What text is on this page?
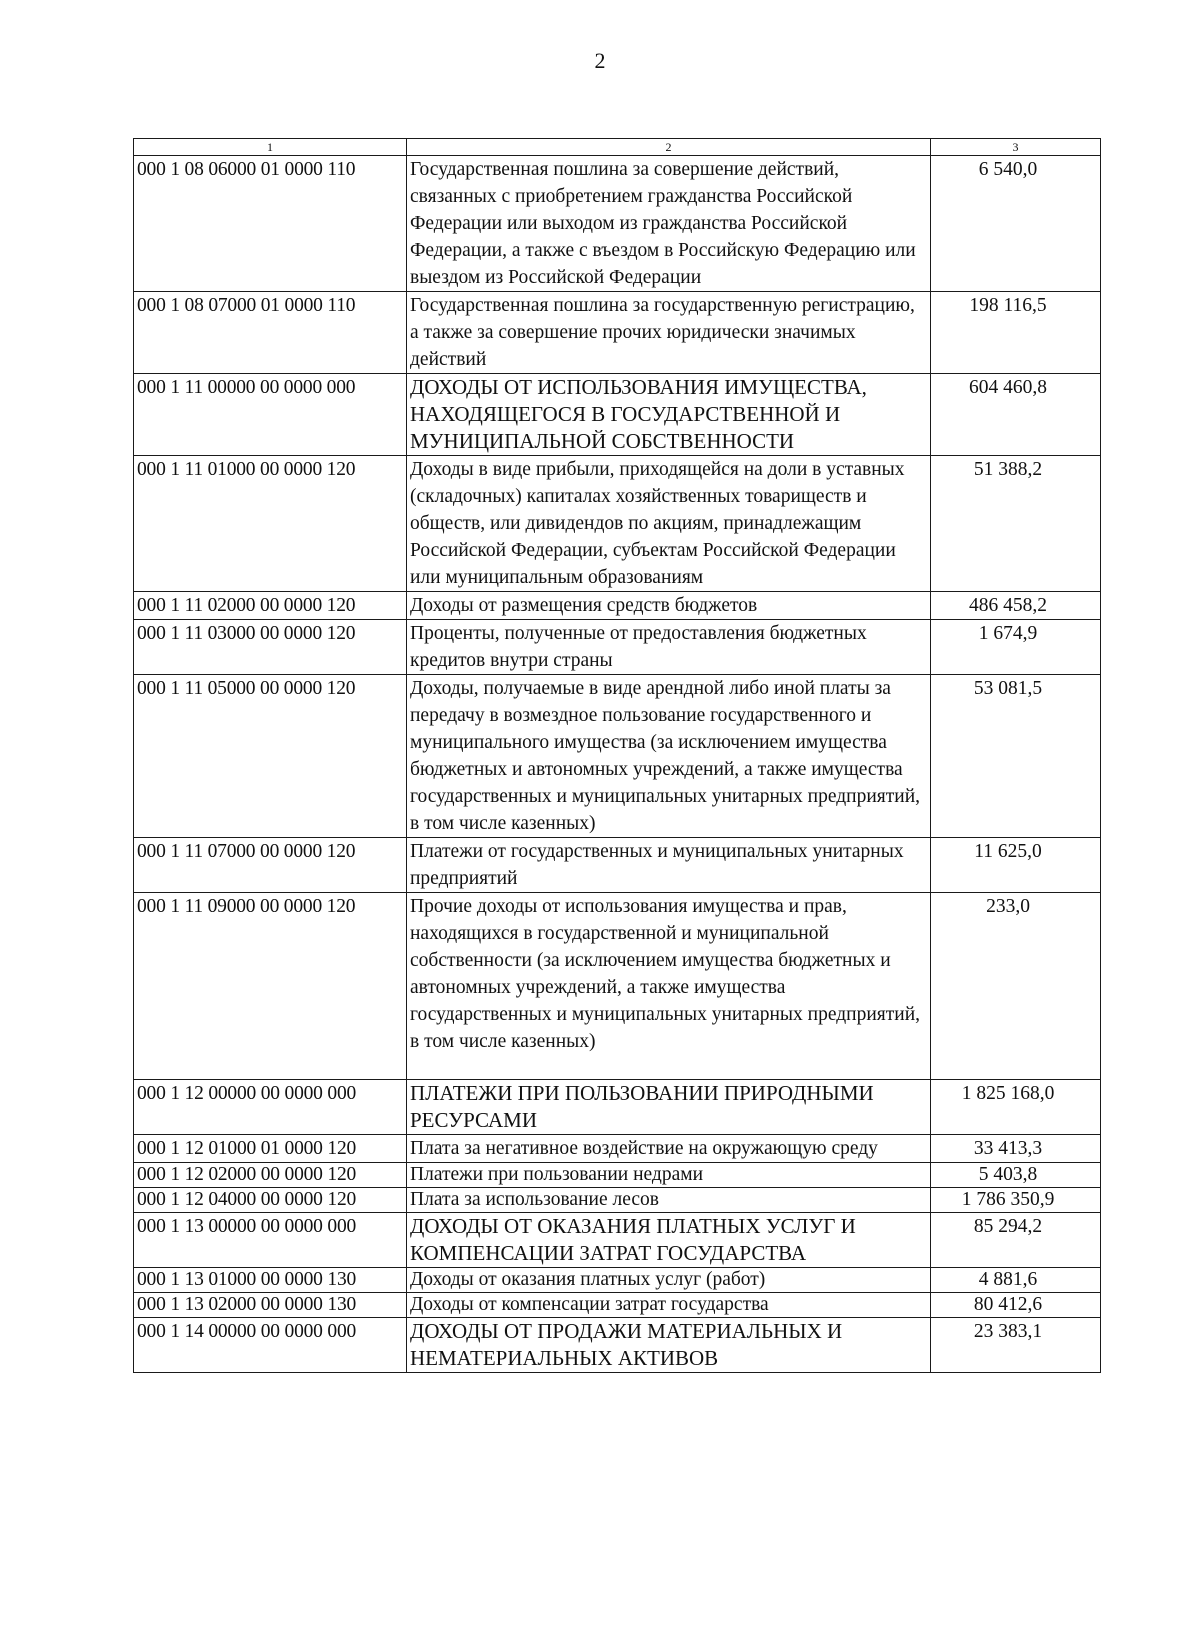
2
1	2	3
000 1 08 06000 01 0000 110	Государственная пошлина за совершение действий, связанных с приобретением гражданства Российской Федерации или выходом из гражданства Российской Федерации, а также с въездом в Российскую Федерацию или выездом из Российской Федерации	6 540,0
000 1 08 07000 01 0000 110	Государственная пошлина за государственную регистрацию, а также за совершение прочих юридически значимых действий	198 116,5
000 1 11 00000 00 0000 000	ДОХОДЫ ОТ ИСПОЛЬЗОВАНИЯ ИМУЩЕСТВА, НАХОДЯЩЕГОСЯ В ГОСУДАРСТВЕННОЙ И МУНИЦИПАЛЬНОЙ СОБСТВЕННОСТИ	604 460,8
000 1 11 01000 00 0000 120	Доходы в виде прибыли, приходящейся на доли в уставных (складочных) капиталах хозяйственных товариществ и обществ, или дивидендов по акциям, принадлежащим Российской Федерации, субъектам Российской Федерации или муниципальным образованиям	51 388,2
000 1 11 02000 00 0000 120	Доходы от размещения средств бюджетов	486 458,2
000 1 11 03000 00 0000 120	Проценты, полученные от предоставления бюджетных кредитов внутри страны	1 674,9
000 1 11 05000 00 0000 120	Доходы, получаемые в виде арендной либо иной платы за передачу в возмездное пользование государственного и муниципального имущества (за исключением имущества бюджетных и автономных учреждений, а также имущества государственных и муниципальных унитарных предприятий, в том числе казенных)	53 081,5
000 1 11 07000 00 0000 120	Платежи от государственных и муниципальных унитарных предприятий	11 625,0
000 1 11 09000 00 0000 120	Прочие доходы от использования имущества и прав, находящихся в государственной и муниципальной собственности (за исключением имущества бюджетных и автономных учреждений, а также имущества государственных и муниципальных унитарных предприятий, в том числе казенных)	233,0
000 1 12 00000 00 0000 000	ПЛАТЕЖИ ПРИ ПОЛЬЗОВАНИИ ПРИРОДНЫМИ РЕСУРСАМИ	1 825 168,0
000 1 12 01000 01 0000 120	Плата за негативное воздействие на окружающую среду	33 413,3
000 1 12 02000 00 0000 120	Платежи при пользовании недрами	5 403,8
000 1 12 04000 00 0000 120	Плата за использование лесов	1 786 350,9
000 1 13 00000 00 0000 000	ДОХОДЫ ОТ ОКАЗАНИЯ ПЛАТНЫХ УСЛУГ И КОМПЕНСАЦИИ ЗАТРАТ ГОСУДАРСТВА	85 294,2
000 1 13 01000 00 0000 130	Доходы от оказания платных услуг (работ)	4 881,6
000 1 13 02000 00 0000 130	Доходы от компенсации затрат государства	80 412,6
000 1 14 00000 00 0000 000	ДОХОДЫ ОТ ПРОДАЖИ МАТЕРИАЛЬНЫХ И НЕМАТЕРИАЛЬНЫХ АКТИВОВ	23 383,1
